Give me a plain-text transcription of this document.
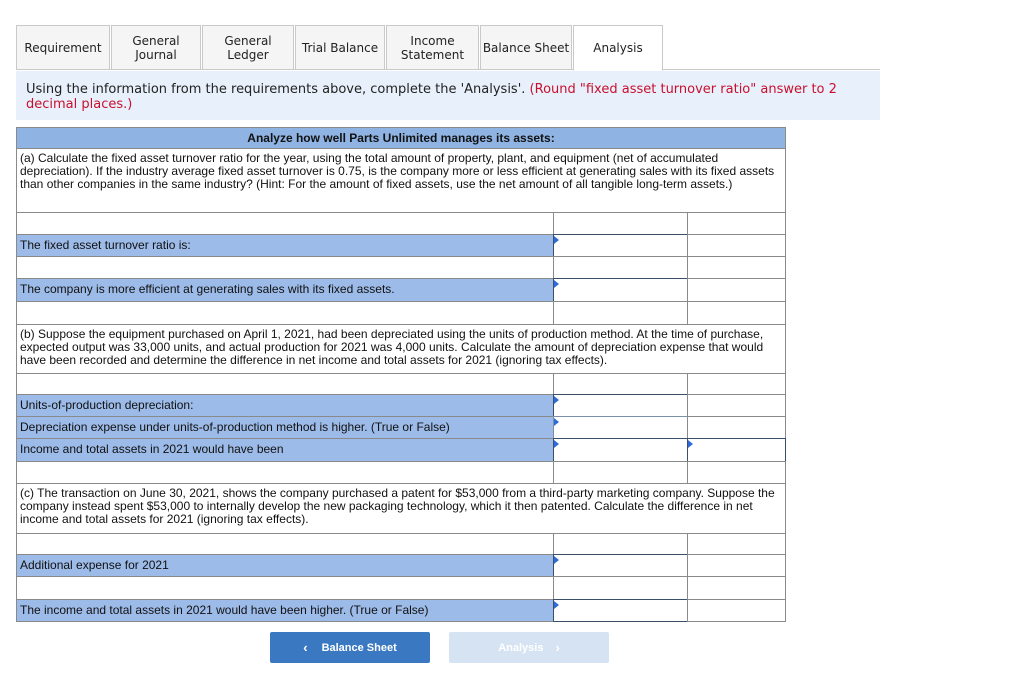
Requirement	General
Journal
General Ledger	Trial Balance	Income
Statement Balance Sheet Analysis
Using the information from the requirements above, complete the 'Analysis'. (Round "fixed asset turnover ratio" answer to 2 decimal places.)
Analyze how well Parts Unlimited manages its assets:
(a) Calculate the fixed asset turnover ratio for the year, using the total amount of property, plant, and equipment (net of accumulated depreciation). If the industry average fixed asset turnover is 0.75, is the company more or less efficient at generating sales with its fixed assets than other companies in the same industry? (Hint: For the amount of fixed assets, use the net amount of all tangible long-term assets.)
The fixed asset turnover ratio is:
The company is more efficient at generating sales with its fixed assets.
(b) Suppose the equipment purchased on April 1, 2021, had been depreciated using the units of production method. At the time of purchase, expected output was 33,000 units, and actual production for 2021 was 4,000 units. Calculate the amount of depreciation expense that would have been recorded and determine the difference in net income and total assets for 2021 (ignoring tax effects).
Units-of-production depreciation:
Depreciation expense under units-of-production method is higher. (True or False)
Income and total assets in 2021 would have been
(c) The transaction on June 30, 2021, shows the company purchased a patent for $53,000 from a third-party marketing company. Suppose the company instead spent $53,000 to internally develop the new packaging technology, which it then patented. Calculate the difference in net income and total assets for 2021 (ignoring tax effects).
Additional expense for 2021
The income and total assets in 2021 would have been higher. (True or False)
‹ Balance Sheet	Analysis ›
